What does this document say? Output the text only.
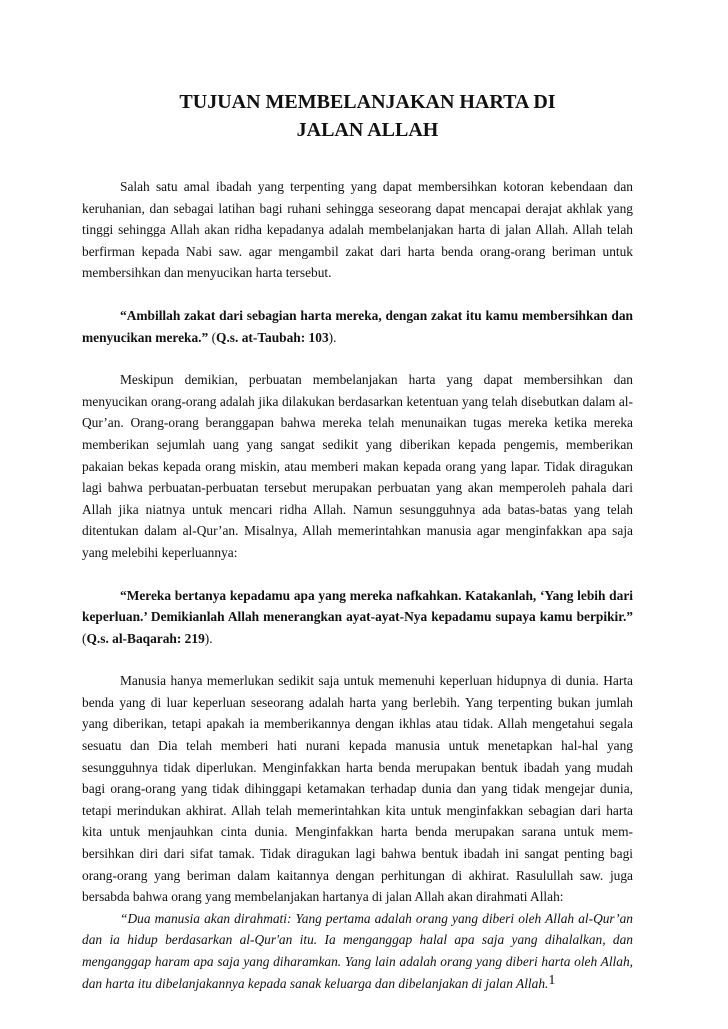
TUJUAN MEMBELANJAKAN HARTA DI
JALAN ALLAH

Salah satu amal ibadah yang terpenting yang dapat membersihkan kotoran kebendaan dan keruhanian, dan sebagai latihan bagi ruhani sehingga seseorang dapat mencapai derajat akhlak yang tinggi sehingga Allah akan ridha kepadanya adalah membelanjakan harta di jalan Allah. Allah telah berfirman kepada Nabi saw. agar mengambil zakat dari harta benda orang-orang beriman untuk membersihkan dan menyucikan harta tersebut.

“Ambillah zakat dari sebagian harta mereka, dengan zakat itu kamu membersihkan dan menyucikan mereka.” (Q.s. at-Taubah: 103).

Meskipun demikian, perbuatan membelanjakan harta yang dapat membersihkan dan menyucikan orang-orang adalah jika dilakukan berdasarkan ketentuan yang telah disebutkan dalam al-Qur’an. Orang-orang beranggapan bahwa mereka telah menunaikan tugas mereka ketika mereka memberikan sejumlah uang yang sangat sedikit yang diberikan kepada pengemis, memberikan pakaian bekas kepada orang miskin, atau memberi makan kepada orang yang lapar. Tidak diragukan lagi bahwa perbuatan-perbuatan tersebut merupakan perbuatan yang akan memperoleh pahala dari Allah jika niatnya untuk mencari ridha Allah. Namun sesungguhnya ada batas-batas yang telah ditentukan dalam al-Qur’an. Misalnya, Allah memerintahkan manusia agar menginfakkan apa saja yang melebihi keperluannya:

“Mereka bertanya kepadamu apa yang mereka nafkahkan. Katakanlah, ‘Yang lebih dari keperluan.’ Demikianlah Allah menerangkan ayat-ayat-Nya kepadamu supaya kamu berpikir.” (Q.s. al-Baqarah: 219).

Manusia hanya memerlukan sedikit saja untuk memenuhi keperluan hidupnya di dunia. Harta benda yang di luar keperluan seseorang adalah harta yang berlebih. Yang terpenting bukan jumlah yang diberikan, tetapi apakah ia memberikannya dengan ikhlas atau tidak. Allah mengetahui segala sesuatu dan Dia telah memberi hati nurani kepada manusia untuk menetapkan hal-hal yang sesungguhnya tidak diperlukan. Menginfakkan harta benda merupakan bentuk ibadah yang mudah bagi orang-orang yang tidak dihinggapi ketamakan terhadap dunia dan yang tidak mengejar dunia, tetapi merindukan akhirat. Allah telah memerintahkan kita untuk menginfakkan sebagian dari harta kita untuk menjauhkan cinta dunia. Menginfakkan harta benda merupakan sarana untuk mem-bersihkan diri dari sifat tamak. Tidak diragukan lagi bahwa bentuk ibadah ini sangat penting bagi orang-orang yang beriman dalam kaitannya dengan perhitungan di akhirat. Rasulullah saw. juga bersabda bahwa orang yang membelanjakan hartanya di jalan Allah akan dirahmati Allah:

“Dua manusia akan dirahmati: Yang pertama adalah orang yang diberi oleh Allah al-Qur’an dan ia hidup berdasarkan al-Qur'an itu. Ia menganggap halal apa saja yang dihalalkan, dan menganggap haram apa saja yang diharamkan. Yang lain adalah orang yang diberi harta oleh Allah, dan harta itu dibelanjakannya kepada sanak keluarga dan dibelanjakan di jalan Allah.$^1$
